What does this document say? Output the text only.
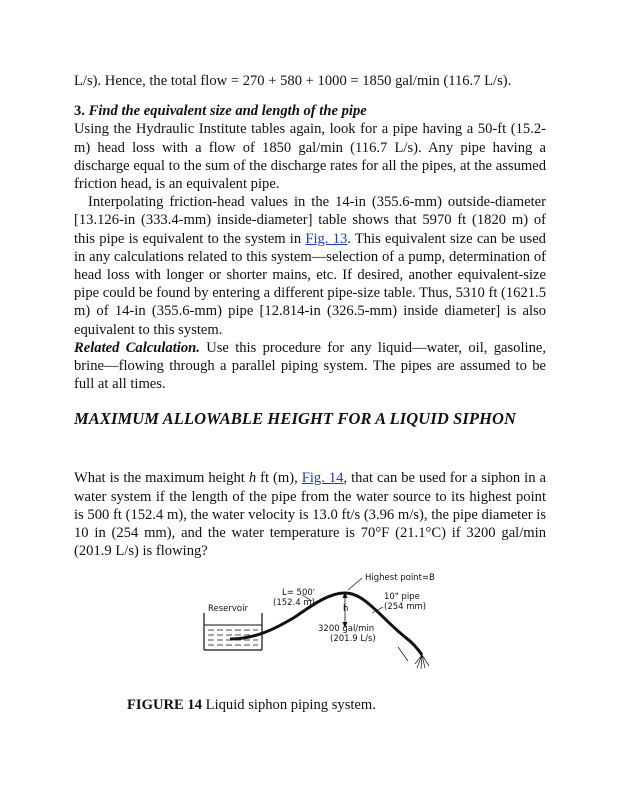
L/s). Hence, the total flow = 270 + 580 + 1000 = 1850 gal/min (116.7 L/s).

3. Find the equivalent size and length of the pipe

Using the Hydraulic Institute tables again, look for a pipe having a 50-ft (15.2-m) head loss with a flow of 1850 gal/min (116.7 L/s). Any pipe having a discharge equal to the sum of the discharge rates for all the pipes, at the assumed friction head, is an equivalent pipe.

Interpolating friction-head values in the 14-in (355.6-mm) outside-diameter [13.126-in (333.4-mm) inside-diameter] table shows that 5970 ft (1820 m) of this pipe is equivalent to the system in Fig. 13. This equivalent size can be used in any calculations related to this system—selection of a pump, determination of head loss with longer or shorter mains, etc. If desired, another equivalent-size pipe could be found by entering a different pipe-size table. Thus, 5310 ft (1621.5 m) of 14-in (355.6-mm) pipe [12.814-in (326.5-mm) inside diameter] is also equivalent to this system.

Related Calculation. Use this procedure for any liquid—water, oil, gasoline, brine—flowing through a parallel piping system. The pipes are assumed to be full at all times.

MAXIMUM ALLOWABLE HEIGHT FOR A LIQUID SIPHON

What is the maximum height h ft (m), Fig. 14, that can be used for a siphon in a water system if the length of the pipe from the water source to its highest point is 500 ft (152.4 m), the water velocity is 13.0 ft/s (3.96 m/s), the pipe diameter is 10 in (254 mm), and the water temperature is 70°F (21.1°C) if 3200 gal/min (201.9 L/s) is flowing?

Highest point=B
L= 500'
(152.4 m)
Reservoir	h
10" pipe
(254 mm)
3200 gal/min
(201.9 L/s)
FIGURE 14 Liquid siphon piping system.
